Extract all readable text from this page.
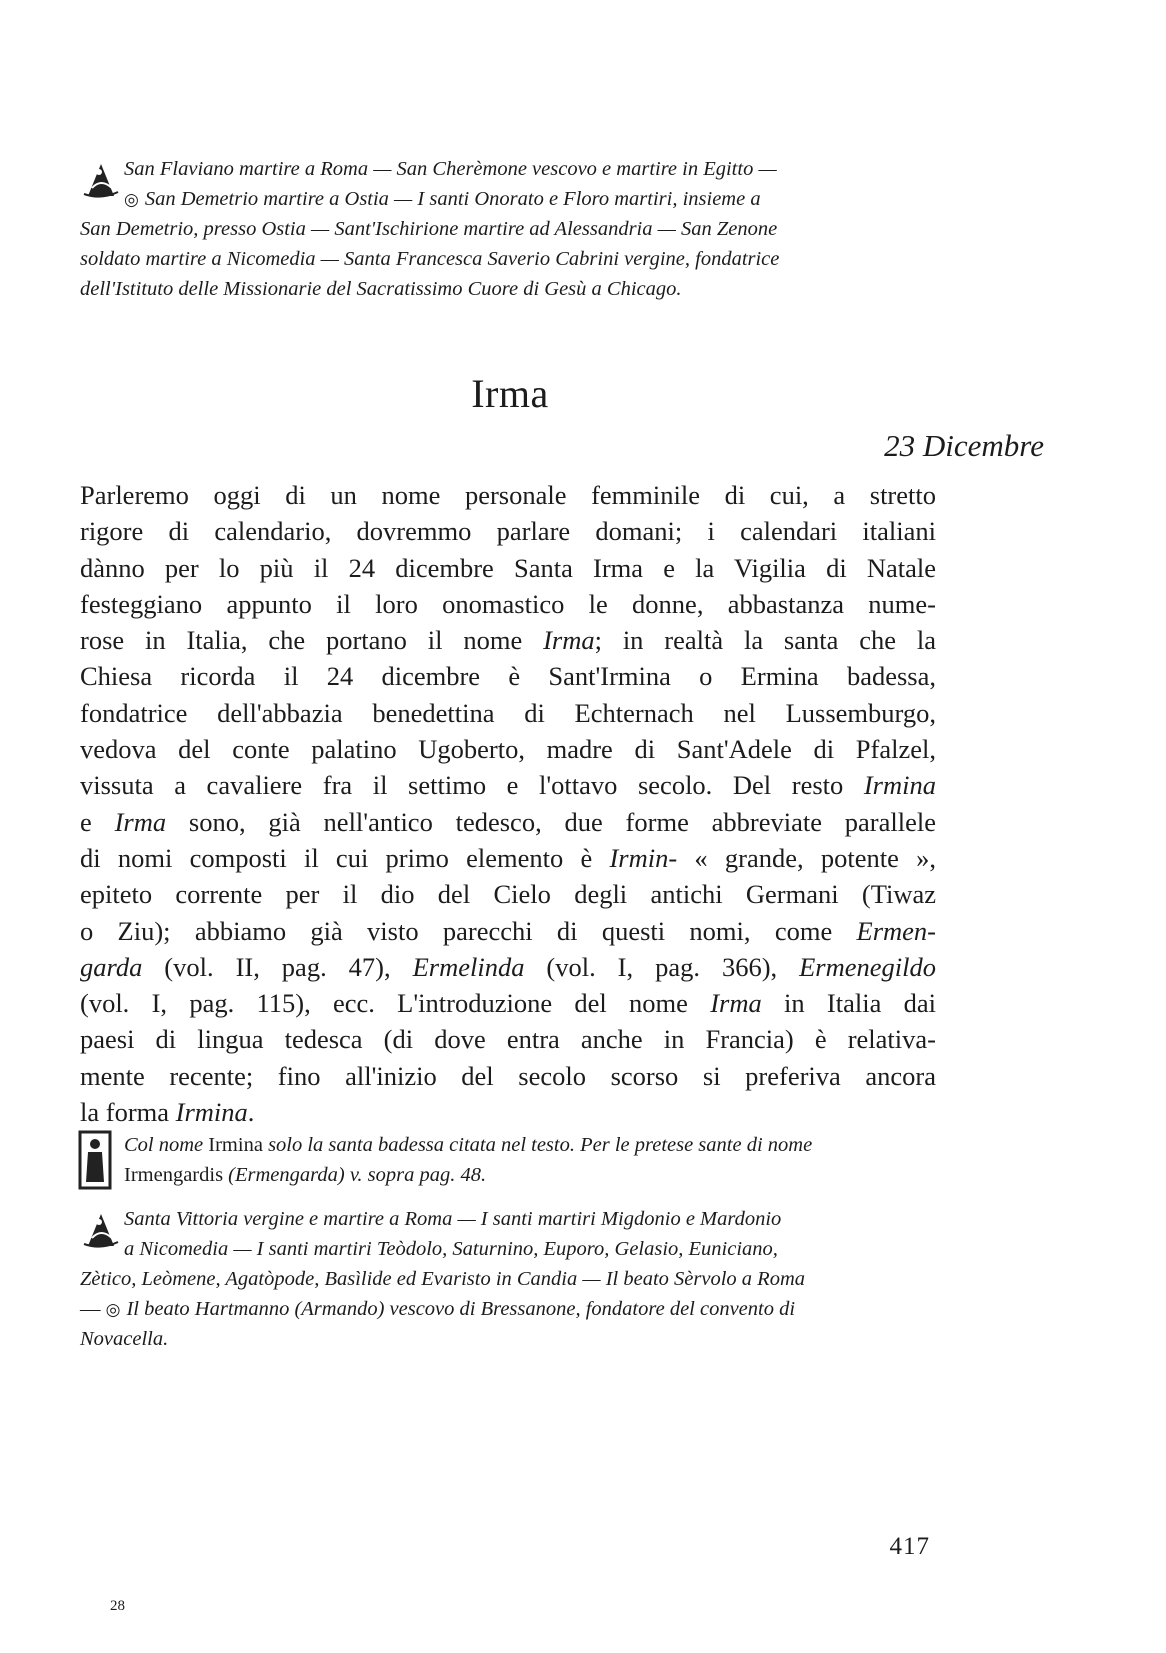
San Flaviano martire a Roma — San Cherèmone vescovo e martire in Egitto —
◎ San Demetrio martire a Ostia — I santi Onorato e Floro martiri, insieme a
San Demetrio, presso Ostia — Sant'Ischirione martire ad Alessandria — San Zenone
soldato martire a Nicomedia — Santa Francesca Saverio Cabrini vergine, fondatrice
dell'Istituto delle Missionarie del Sacratissimo Cuore di Gesù a Chicago.
Irma
23 Dicembre
Parleremo oggi di un nome personale femminile di cui, a stretto
rigore di calendario, dovremmo parlare domani; i calendari italiani
dànno per lo più il 24 dicembre Santa Irma e la Vigilia di Natale
festeggiano appunto il loro onomastico le donne, abbastanza nume-
rose in Italia, che portano il nome Irma; in realtà la santa che la
Chiesa ricorda il 24 dicembre è Sant'Irmina o Ermina badessa,
fondatrice dell'abbazia benedettina di Echternach nel Lussemburgo,
vedova del conte palatino Ugoberto, madre di Sant'Adele di Pfalzel,
vissuta a cavaliere fra il settimo e l'ottavo secolo. Del resto Irmina
e Irma sono, già nell'antico tedesco, due forme abbreviate parallele
di nomi composti il cui primo elemento è Irmin- « grande, potente »,
epiteto corrente per il dio del Cielo degli antichi Germani (Tiwaz
o Ziu); abbiamo già visto parecchi di questi nomi, come Ermen-
garda (vol. II, pag. 47), Ermelinda (vol. I, pag. 366), Ermenegildo
(vol. I, pag. 115), ecc. L'introduzione del nome Irma in Italia dai
paesi di lingua tedesca (di dove entra anche in Francia) è relativa-
mente recente; fino all'inizio del secolo scorso si preferiva ancora
la forma Irmina.
Col nome Irmina solo la santa badessa citata nel testo. Per le pretese sante di nome
Irmengardis (Ermengarda) v. sopra pag. 48.
Santa Vittoria vergine e martire a Roma — I santi martiri Migdonio e Mardonio
a Nicomedia — I santi martiri Teòdolo, Saturnino, Euporo, Gelasio, Euniciano,
Zètico, Leòmene, Agatòpode, Basìlide ed Evaristo in Candia — Il beato Sèrvolo a Roma
— ◎ Il beato Hartmanno (Armando) vescovo di Bressanone, fondatore del convento di
Novacella.
417
28
